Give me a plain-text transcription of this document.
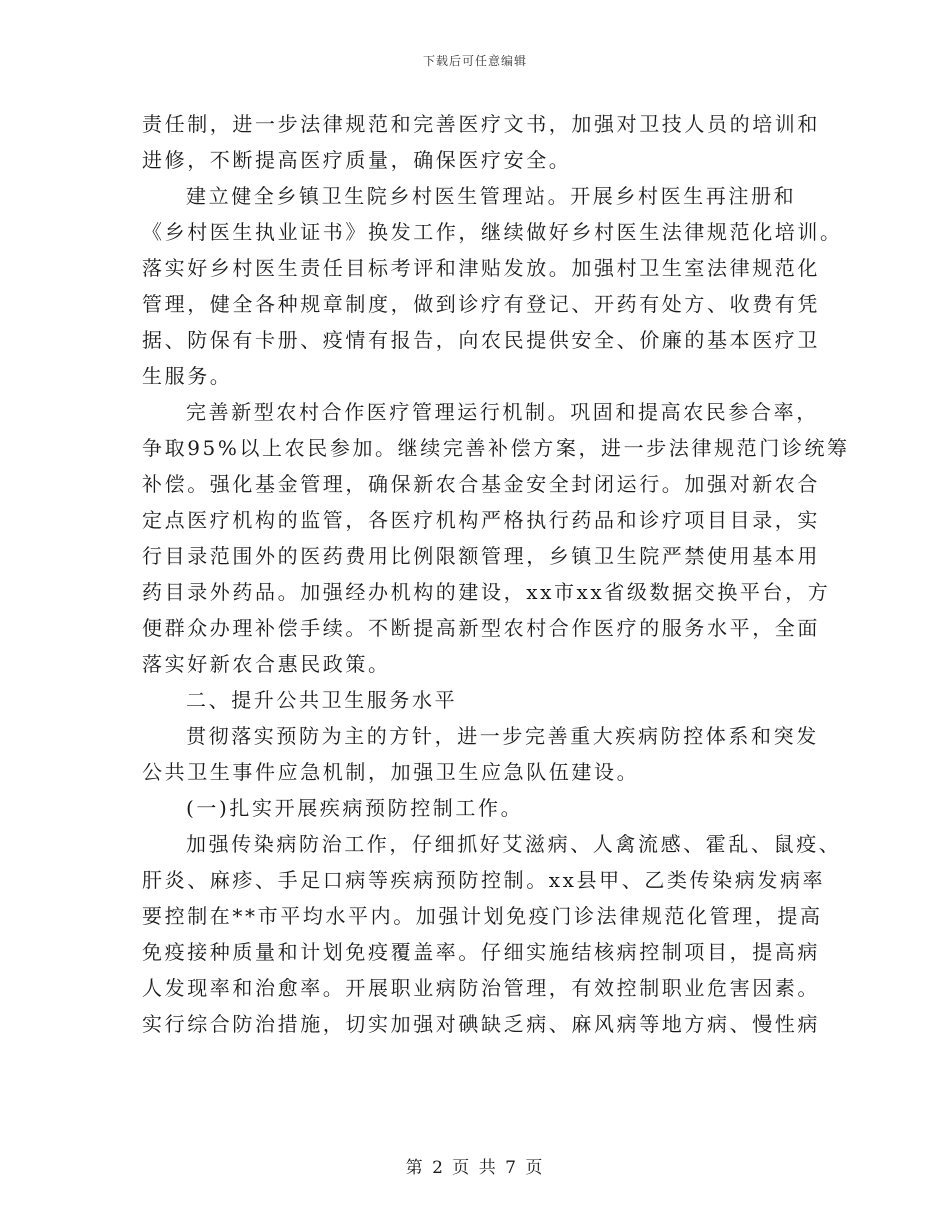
下载后可任意编辑
责任制，进一步法律规范和完善医疗文书，加强对卫技人员的培训和
进修，不断提高医疗质量，确保医疗安全。
建立健全乡镇卫生院乡村医生管理站。开展乡村医生再注册和
《乡村医生执业证书》换发工作，继续做好乡村医生法律规范化培训。
落实好乡村医生责任目标考评和津贴发放。加强村卫生室法律规范化
管理，健全各种规章制度，做到诊疗有登记、开药有处方、收费有凭
据、防保有卡册、疫情有报告，向农民提供安全、价廉的基本医疗卫
生服务。
完善新型农村合作医疗管理运行机制。巩固和提高农民参合率，
争取95%以上农民参加。继续完善补偿方案，进一步法律规范门诊统筹
补偿。强化基金管理，确保新农合基金安全封闭运行。加强对新农合
定点医疗机构的监管，各医疗机构严格执行药品和诊疗项目目录，实
行目录范围外的医药费用比例限额管理，乡镇卫生院严禁使用基本用
药目录外药品。加强经办机构的建设，xx市xx省级数据交换平台，方
便群众办理补偿手续。不断提高新型农村合作医疗的服务水平，全面
落实好新农合惠民政策。
二、提升公共卫生服务水平
贯彻落实预防为主的方针，进一步完善重大疾病防控体系和突发
公共卫生事件应急机制，加强卫生应急队伍建设。
(一)扎实开展疾病预防控制工作。
加强传染病防治工作，仔细抓好艾滋病、人禽流感、霍乱、鼠疫、
肝炎、麻疹、手足口病等疾病预防控制。xx县甲、乙类传染病发病率
要控制在**市平均水平内。加强计划免疫门诊法律规范化管理，提高
免疫接种质量和计划免疫覆盖率。仔细实施结核病控制项目，提高病
人发现率和治愈率。开展职业病防治管理，有效控制职业危害因素。
实行综合防治措施，切实加强对碘缺乏病、麻风病等地方病、慢性病
第 2 页 共 7 页
